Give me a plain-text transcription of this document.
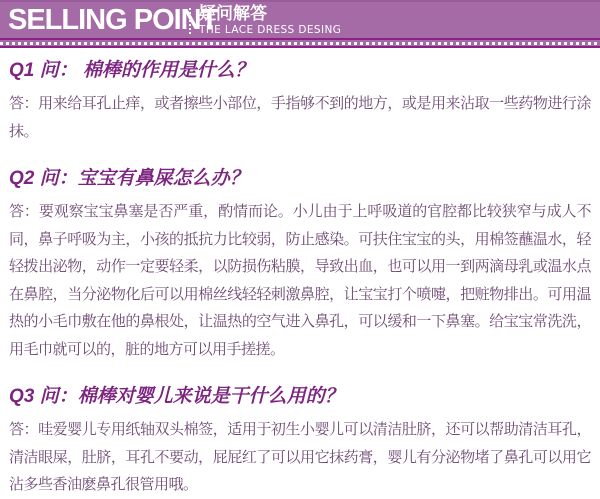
SELLING POINT
疑问解答
THE LACE DRESS DESING
Q1 问： 棉棒的作用是什么？

答：用来给耳孔止痒，或者擦些小部位，手指够不到的地方，或是用来沾取一些药物进行涂抹。

Q2 问：宝宝有鼻屎怎么办？

答：要观察宝宝鼻塞是否严重，酌情而论。小儿由于上呼吸道的官腔都比较狭窄与成人不同，鼻子呼吸为主，小孩的抵抗力比较弱，防止感染。可扶住宝宝的头，用棉签蘸温水，轻轻拨出泌物，动作一定要轻柔，以防损伤粘膜，导致出血，也可以用一到两滴母乳或温水点在鼻腔，当分泌物化后可以用棉丝线轻轻刺激鼻腔，让宝宝打个喷嚏，把赃物排出。可用温热的小毛巾敷在他的鼻根处，让温热的空气进入鼻孔，可以缓和一下鼻塞。给宝宝常洗洗，用毛巾就可以的，脏的地方可以用手搓搓。

Q3 问：棉棒对婴儿来说是干什么用的？

答：哇爱婴儿专用纸轴双头棉签，适用于初生小婴儿可以清洁肚脐，还可以帮助清洁耳孔，清洁眼屎，肚脐，耳孔不要动，屁屁红了可以用它抹药膏，婴儿有分泌物堵了鼻孔可以用它沾多些香油麽鼻孔很管用哦。
